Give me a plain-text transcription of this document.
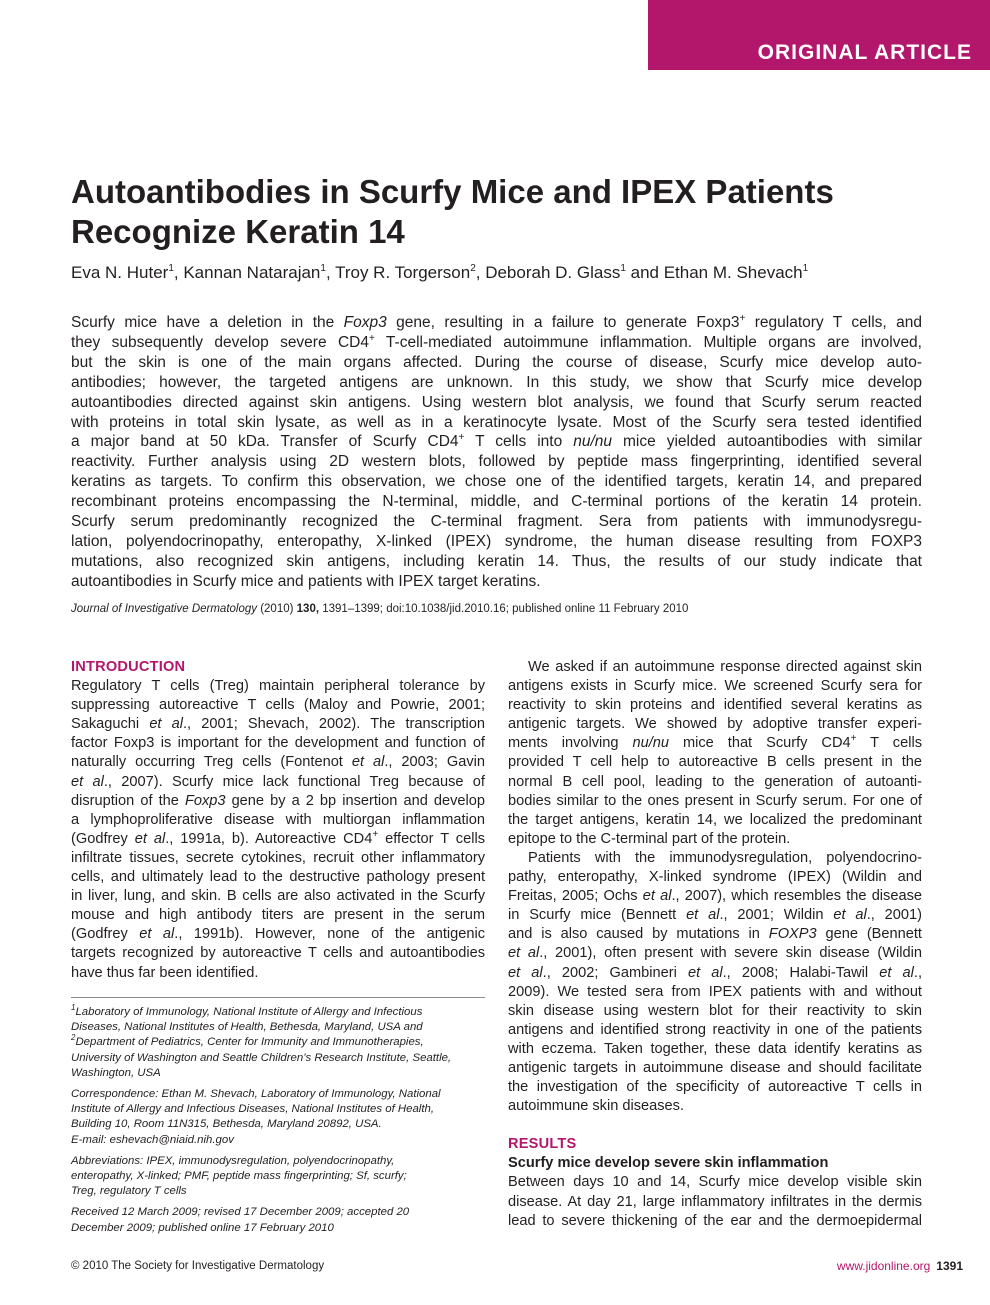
ORIGINAL ARTICLE
Autoantibodies in Scurfy Mice and IPEX Patients
Recognize Keratin 14
Eva N. Huter$^1$, Kannan Natarajan$^1$, Troy R. Torgerson$^2$, Deborah D. Glass$^1$ and Ethan M. Shevach$^1$
Scurfy mice have a deletion in the Foxp3 gene, resulting in a failure to generate Foxp3+ regulatory T cells, and
they subsequently develop severe CD4+ T-cell-mediated autoimmune inflammation. Multiple organs are involved,
but the skin is one of the main organs affected. During the course of disease, Scurfy mice develop auto-
antibodies; however, the targeted antigens are unknown. In this study, we show that Scurfy mice develop
autoantibodies directed against skin antigens. Using western blot analysis, we found that Scurfy serum reacted
with proteins in total skin lysate, as well as in a keratinocyte lysate. Most of the Scurfy sera tested identified
a major band at 50 kDa. Transfer of Scurfy CD4+ T cells into nu/nu mice yielded autoantibodies with similar
reactivity. Further analysis using 2D western blots, followed by peptide mass fingerprinting, identified several
keratins as targets. To confirm this observation, we chose one of the identified targets, keratin 14, and prepared
recombinant proteins encompassing the N-terminal, middle, and C-terminal portions of the keratin 14 protein.
Scurfy serum predominantly recognized the C-terminal fragment. Sera from patients with immunodysregu-
lation, polyendocrinopathy, enteropathy, X-linked (IPEX) syndrome, the human disease resulting from FOXP3
mutations, also recognized skin antigens, including keratin 14. Thus, the results of our study indicate that
autoantibodies in Scurfy mice and patients with IPEX target keratins.
Journal of Investigative Dermatology (2010) 130, 1391–1399; doi:10.1038/jid.2010.16; published online 11 February 2010
INTRODUCTION
Regulatory T cells (Treg) maintain peripheral tolerance by
suppressing autoreactive T cells (Maloy and Powrie, 2001;
Sakaguchi et al., 2001; Shevach, 2002). The transcription
factor Foxp3 is important for the development and function of
naturally occurring Treg cells (Fontenot et al., 2003; Gavin
et al., 2007). Scurfy mice lack functional Treg because of
disruption of the Foxp3 gene by a 2 bp insertion and develop
a lymphoproliferative disease with multiorgan inflammation
(Godfrey et al., 1991a, b). Autoreactive CD4+ effector T cells
infiltrate tissues, secrete cytokines, recruit other inflammatory
cells, and ultimately lead to the destructive pathology present
in liver, lung, and skin. B cells are also activated in the Scurfy
mouse and high antibody titers are present in the serum
(Godfrey et al., 1991b). However, none of the antigenic
targets recognized by autoreactive T cells and autoantibodies
have thus far been identified.
$^1$Laboratory of Immunology, National Institute of Allergy and Infectious
Diseases, National Institutes of Health, Bethesda, Maryland, USA and
$^2$Department of Pediatrics, Center for Immunity and Immunotherapies,
University of Washington and Seattle Children’s Research Institute, Seattle,
Washington, USA
Correspondence: Ethan M. Shevach, Laboratory of Immunology, National
Institute of Allergy and Infectious Diseases, National Institutes of Health,
Building 10, Room 11N315, Bethesda, Maryland 20892, USA.
E-mail: eshevach@niaid.nih.gov
Abbreviations: IPEX, immunodysregulation, polyendocrinopathy,
enteropathy, X-linked; PMF, peptide mass fingerprinting; Sf, scurfy;
Treg, regulatory T cells
Received 12 March 2009; revised 17 December 2009; accepted 20
December 2009; published online 17 February 2010
We asked if an autoimmune response directed against skin
antigens exists in Scurfy mice. We screened Scurfy sera for
reactivity to skin proteins and identified several keratins as
antigenic targets. We showed by adoptive transfer experi-
ments involving nu/nu mice that Scurfy CD4+ T cells
provided T cell help to autoreactive B cells present in the
normal B cell pool, leading to the generation of autoanti-
bodies similar to the ones present in Scurfy serum. For one of
the target antigens, keratin 14, we localized the predominant
epitope to the C-terminal part of the protein.
Patients with the immunodysregulation, polyendocrino-
pathy, enteropathy, X-linked syndrome (IPEX) (Wildin and
Freitas, 2005; Ochs et al., 2007), which resembles the disease
in Scurfy mice (Bennett et al., 2001; Wildin et al., 2001)
and is also caused by mutations in FOXP3 gene (Bennett
et al., 2001), often present with severe skin disease (Wildin
et al., 2002; Gambineri et al., 2008; Halabi-Tawil et al.,
2009). We tested sera from IPEX patients with and without
skin disease using western blot for their reactivity to skin
antigens and identified strong reactivity in one of the patients
with eczema. Taken together, these data identify keratins as
antigenic targets in autoimmune disease and should facilitate
the investigation of the specificity of autoreactive T cells in
autoimmune skin diseases.
RESULTS
Scurfy mice develop severe skin inflammation
Between days 10 and 14, Scurfy mice develop visible skin
disease. At day 21, large inflammatory infiltrates in the dermis
lead to severe thickening of the ear and the dermoepidermal
© 2010 The Society for Investigative Dermatology	www.jidonline.org 1391
